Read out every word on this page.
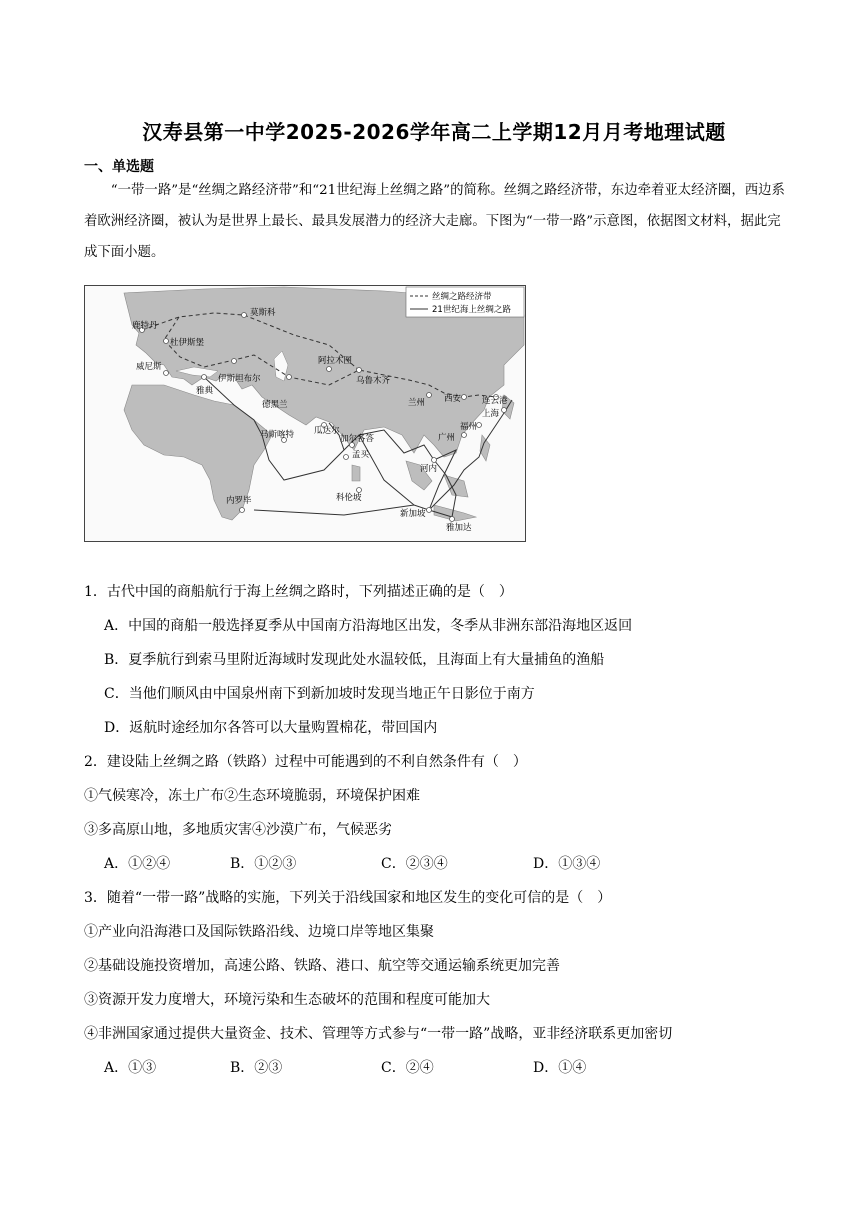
汉寿县第一中学2025-2026学年高二上学期12月月考地理试题
一、单选题
“一带一路”是“丝绸之路经济带”和“21世纪海上丝绸之路”的简称。丝绸之路经济带，东边牵着亚太经济圈，西边系着欧洲经济圈，被认为是世界上最长、最具发展潜力的经济大走廊。下图为“一带一路”示意图，依据图文材料，据此完成下面小题。
丝绸之路经济带
21世纪海上丝绸之路
莫斯科
鹿特丹
杜伊斯堡
威尼斯
伊斯坦布尔
雅典
德黑兰
阿拉木图
乌鲁木齐
兰州 西安 连云港
上海
福州
广州
河内
瓜达尔
马斯喀特	加尔各答
孟买
科伦坡
内罗毕
新加坡
雅加达
1．古代中国的商船航行于海上丝绸之路时，下列描述正确的是（　）
A．中国的商船一般选择夏季从中国南方沿海地区出发，冬季从非洲东部沿海地区返回
B．夏季航行到索马里附近海域时发现此处水温较低，且海面上有大量捕鱼的渔船
C．当他们顺风由中国泉州南下到新加坡时发现当地正午日影位于南方
D．返航时途经加尔各答可以大量购置棉花，带回国内
2．建设陆上丝绸之路（铁路）过程中可能遇到的不利自然条件有（　）
①气候寒冷，冻土广布②生态环境脆弱，环境保护困难
③多高原山地，多地质灾害④沙漠广布，气候恶劣
A．①②④	B．①②③	C．②③④	D．①③④
3．随着“一带一路”战略的实施，下列关于沿线国家和地区发生的变化可信的是（　）
①产业向沿海港口及国际铁路沿线、边境口岸等地区集聚
②基础设施投资增加，高速公路、铁路、港口、航空等交通运输系统更加完善
③资源开发力度增大，环境污染和生态破坏的范围和程度可能加大
④非洲国家通过提供大量资金、技术、管理等方式参与“一带一路”战略，亚非经济联系更加密切
A．①③	B．②③	C．②④	D．①④
